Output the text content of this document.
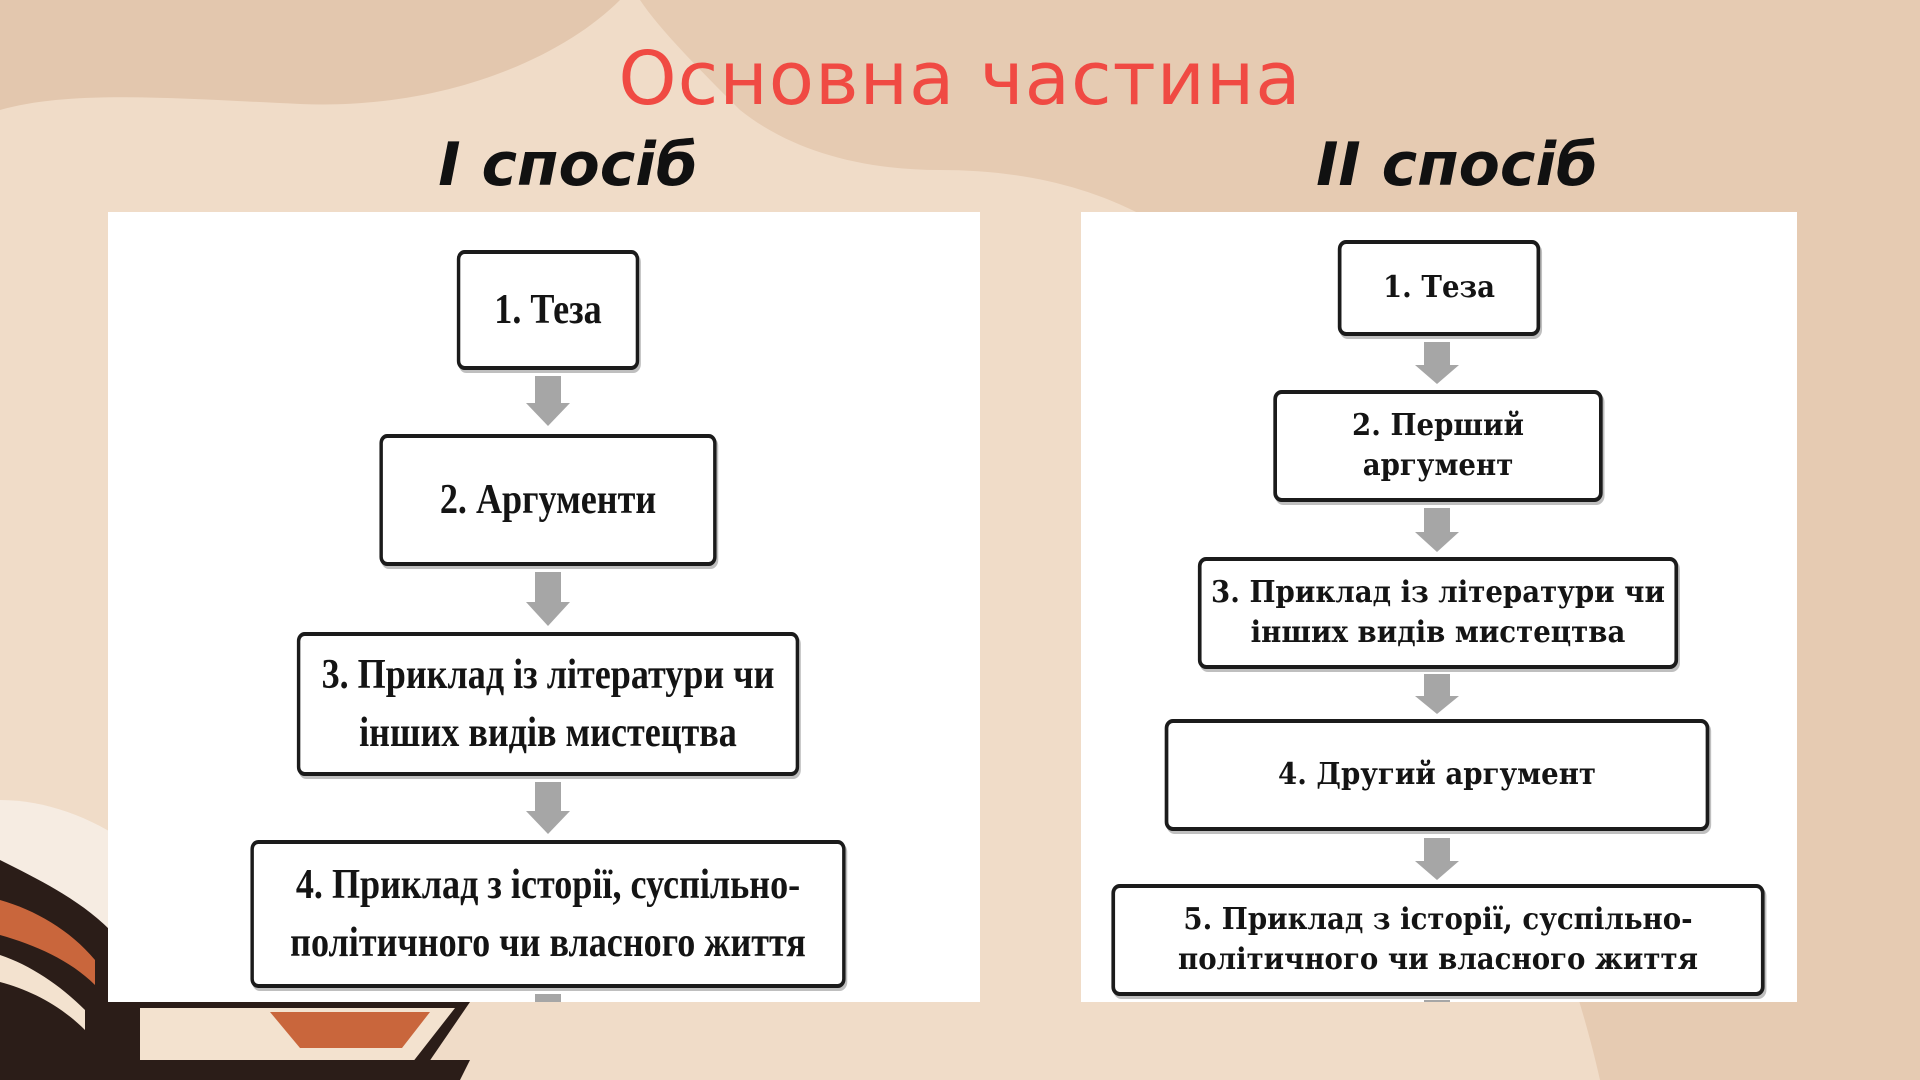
Основна частина
І спосіб	ІІ спосіб
1. Теза
2. Аргументи
3. Приклад із літератури чи інших видів мистецтва
4. Приклад з історії, суспільно-політичного чи власного життя
1. Теза
2. Перший аргумент
3. Приклад із літератури чи інших видів мистецтва
4. Другий аргумент
5. Приклад з історії, суспільно-політичного чи власного життя
